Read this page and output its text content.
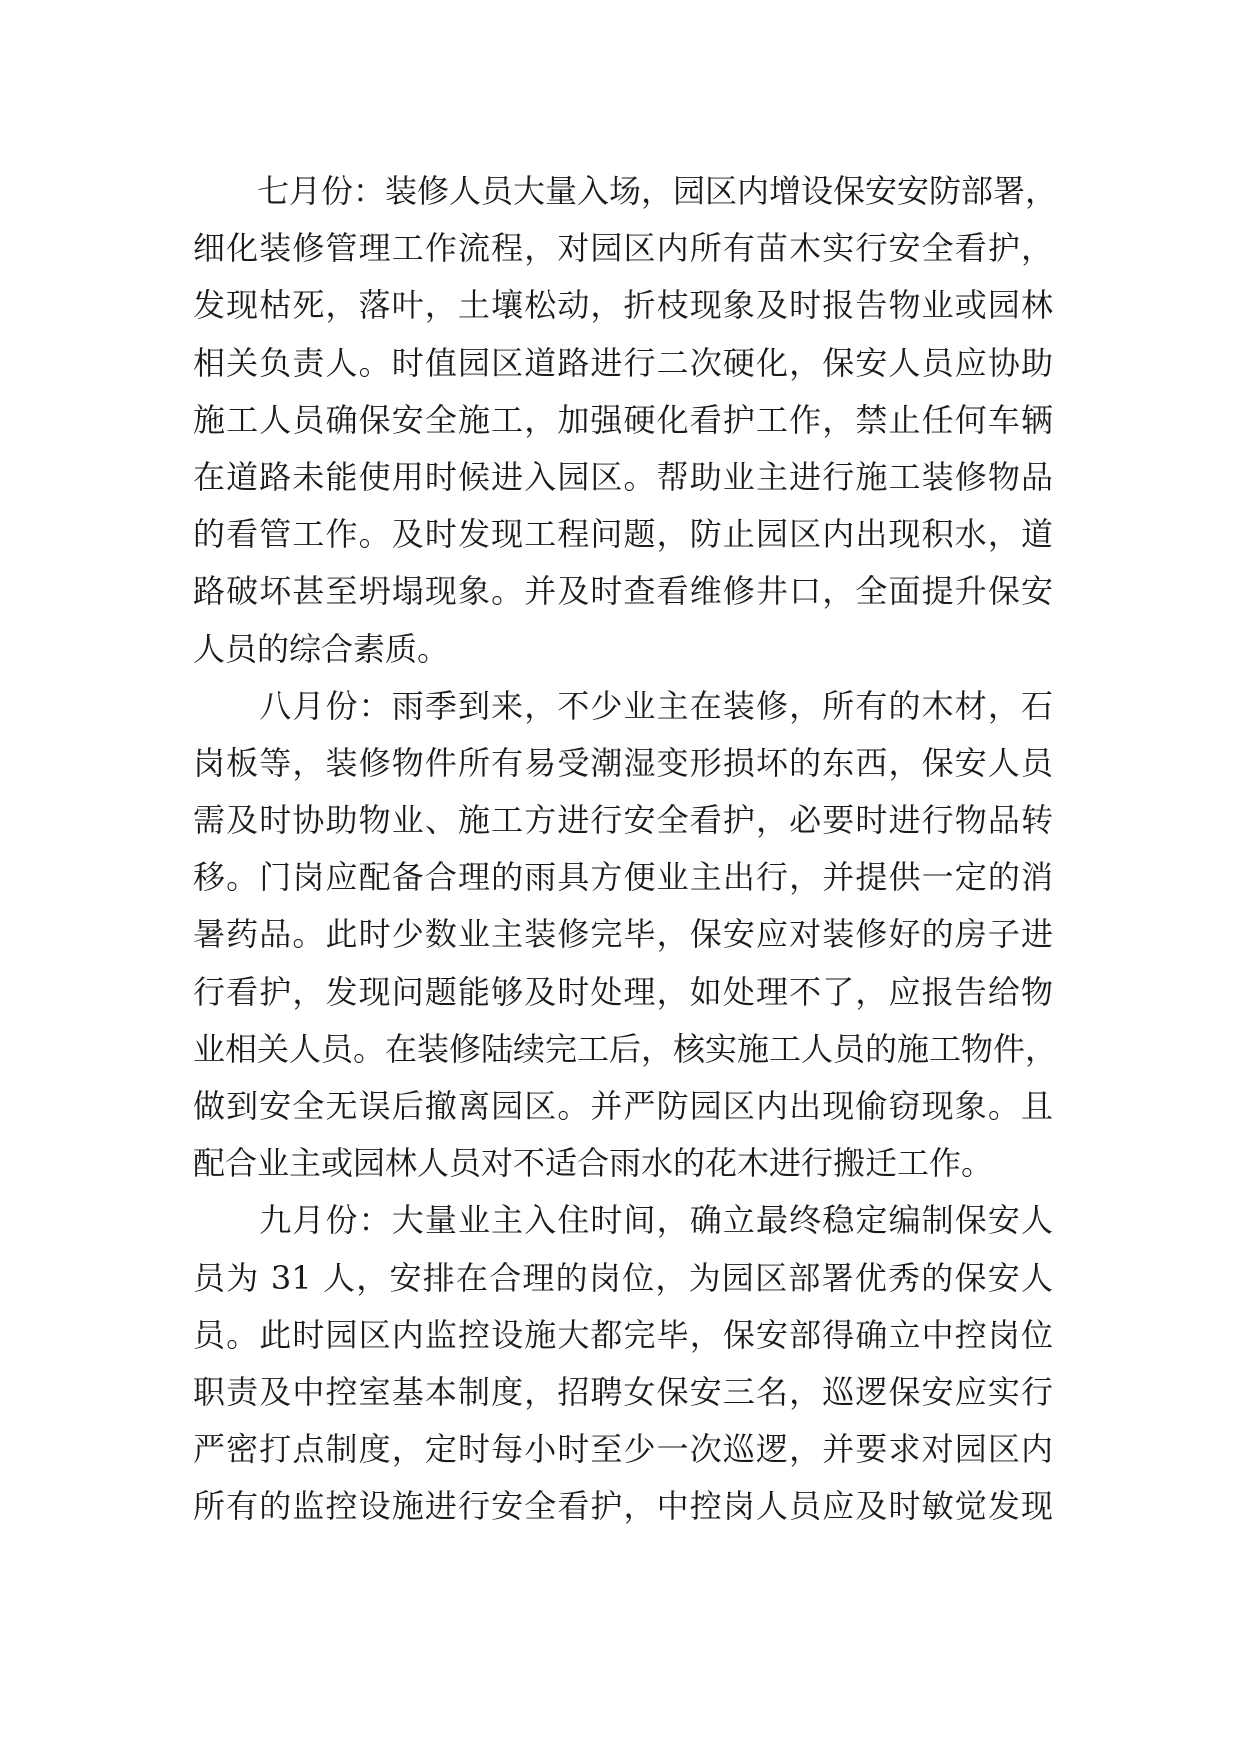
　　七月份：装修人员大量入场，园区内增设保安安防部署，
细化装修管理工作流程，对园区内所有苗木实行安全看护，
发现枯死，落叶，土壤松动，折枝现象及时报告物业或园林
相关负责人。时值园区道路进行二次硬化，保安人员应协助
施工人员确保安全施工，加强硬化看护工作，禁止任何车辆
在道路未能使用时候进入园区。帮助业主进行施工装修物品
的看管工作。及时发现工程问题，防止园区内出现积水，道
路破坏甚至坍塌现象。并及时查看维修井口，全面提升保安
人员的综合素质。
　　八月份：雨季到来，不少业主在装修，所有的木材，石
岗板等，装修物件所有易受潮湿变形损坏的东西，保安人员
需及时协助物业、施工方进行安全看护，必要时进行物品转
移。门岗应配备合理的雨具方便业主出行，并提供一定的消
暑药品。此时少数业主装修完毕，保安应对装修好的房子进
行看护，发现问题能够及时处理，如处理不了，应报告给物
业相关人员。在装修陆续完工后，核实施工人员的施工物件，
做到安全无误后撤离园区。并严防园区内出现偷窃现象。且
配合业主或园林人员对不适合雨水的花木进行搬迁工作。
　　九月份：大量业主入住时间，确立最终稳定编制保安人
员为 31 人，安排在合理的岗位，为园区部署优秀的保安人
员。此时园区内监控设施大都完毕，保安部得确立中控岗位
职责及中控室基本制度，招聘女保安三名，巡逻保安应实行
严密打点制度，定时每小时至少一次巡逻，并要求对园区内
所有的监控设施进行安全看护，中控岗人员应及时敏觉发现
